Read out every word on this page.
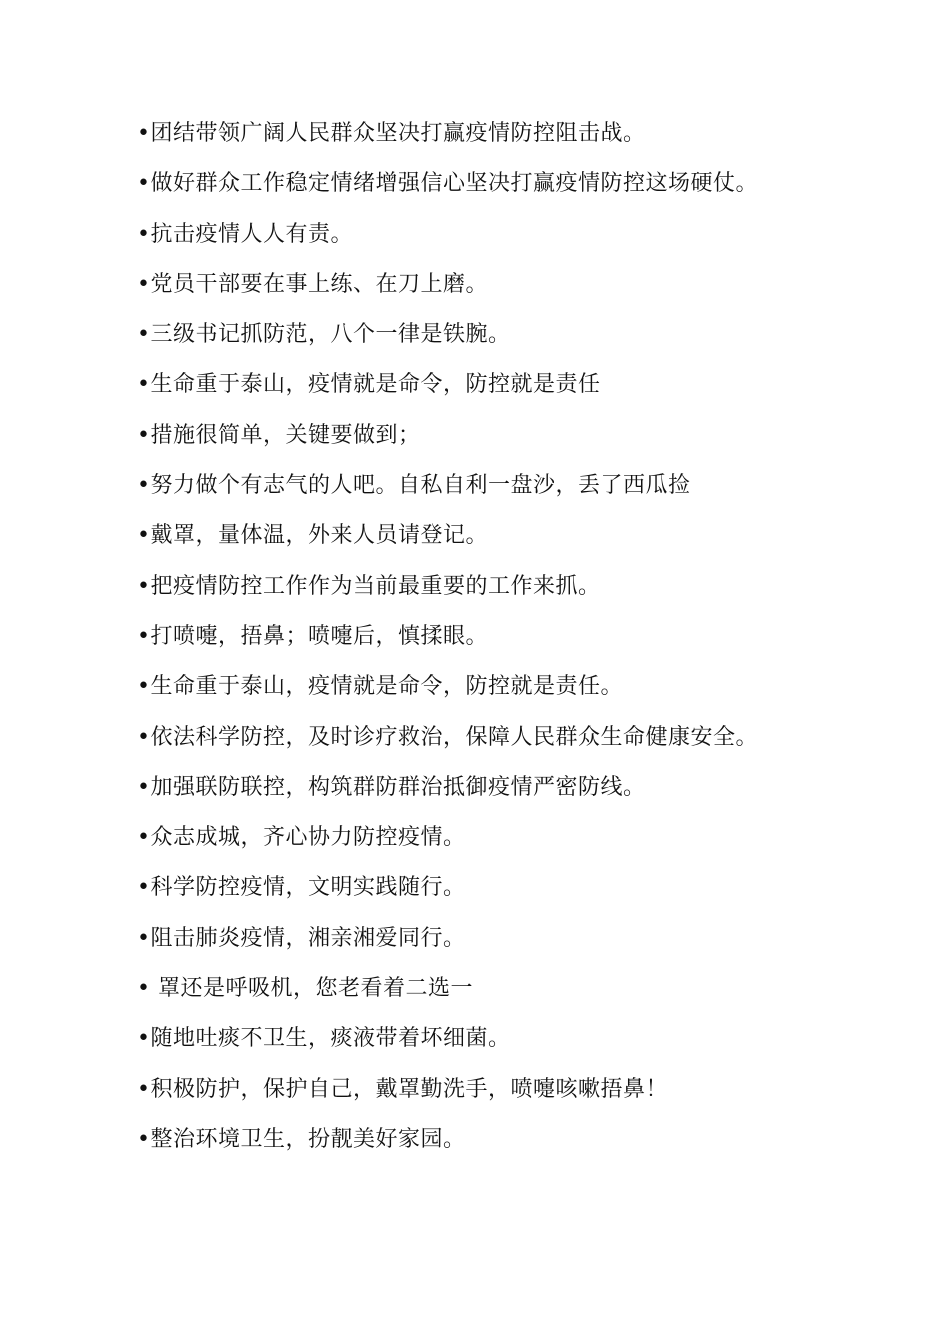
•团结带领广阔人民群众坚决打赢疫情防控阻击战。
•做好群众工作稳定情绪增强信心坚决打赢疫情防控这场硬仗。
•抗击疫情人人有责。
•党员干部要在事上练、在刀上磨。
•三级书记抓防范，八个一律是铁腕。
•生命重于泰山，疫情就是命令，防控就是责任
•措施很简单，关键要做到；
•努力做个有志气的人吧。自私自利一盘沙，丢了西瓜捡
•戴罩，量体温，外来人员请登记。
•把疫情防控工作作为当前最重要的工作来抓。
•打喷嚏，捂鼻；喷嚏后，慎揉眼。
•生命重于泰山，疫情就是命令，防控就是责任。
•依法科学防控，及时诊疗救治，保障人民群众生命健康安全。
•加强联防联控，构筑群防群治抵御疫情严密防线。
•众志成城，齐心协力防控疫情。
•科学防控疫情，文明实践随行。
•阻击肺炎疫情，湘亲湘爱同行。
• 罩还是呼吸机，您老看着二选一
•随地吐痰不卫生，痰液带着坏细菌。
•积极防护，保护自己，戴罩勤洗手，喷嚏咳嗽捂鼻！
•整治环境卫生，扮靓美好家园。
